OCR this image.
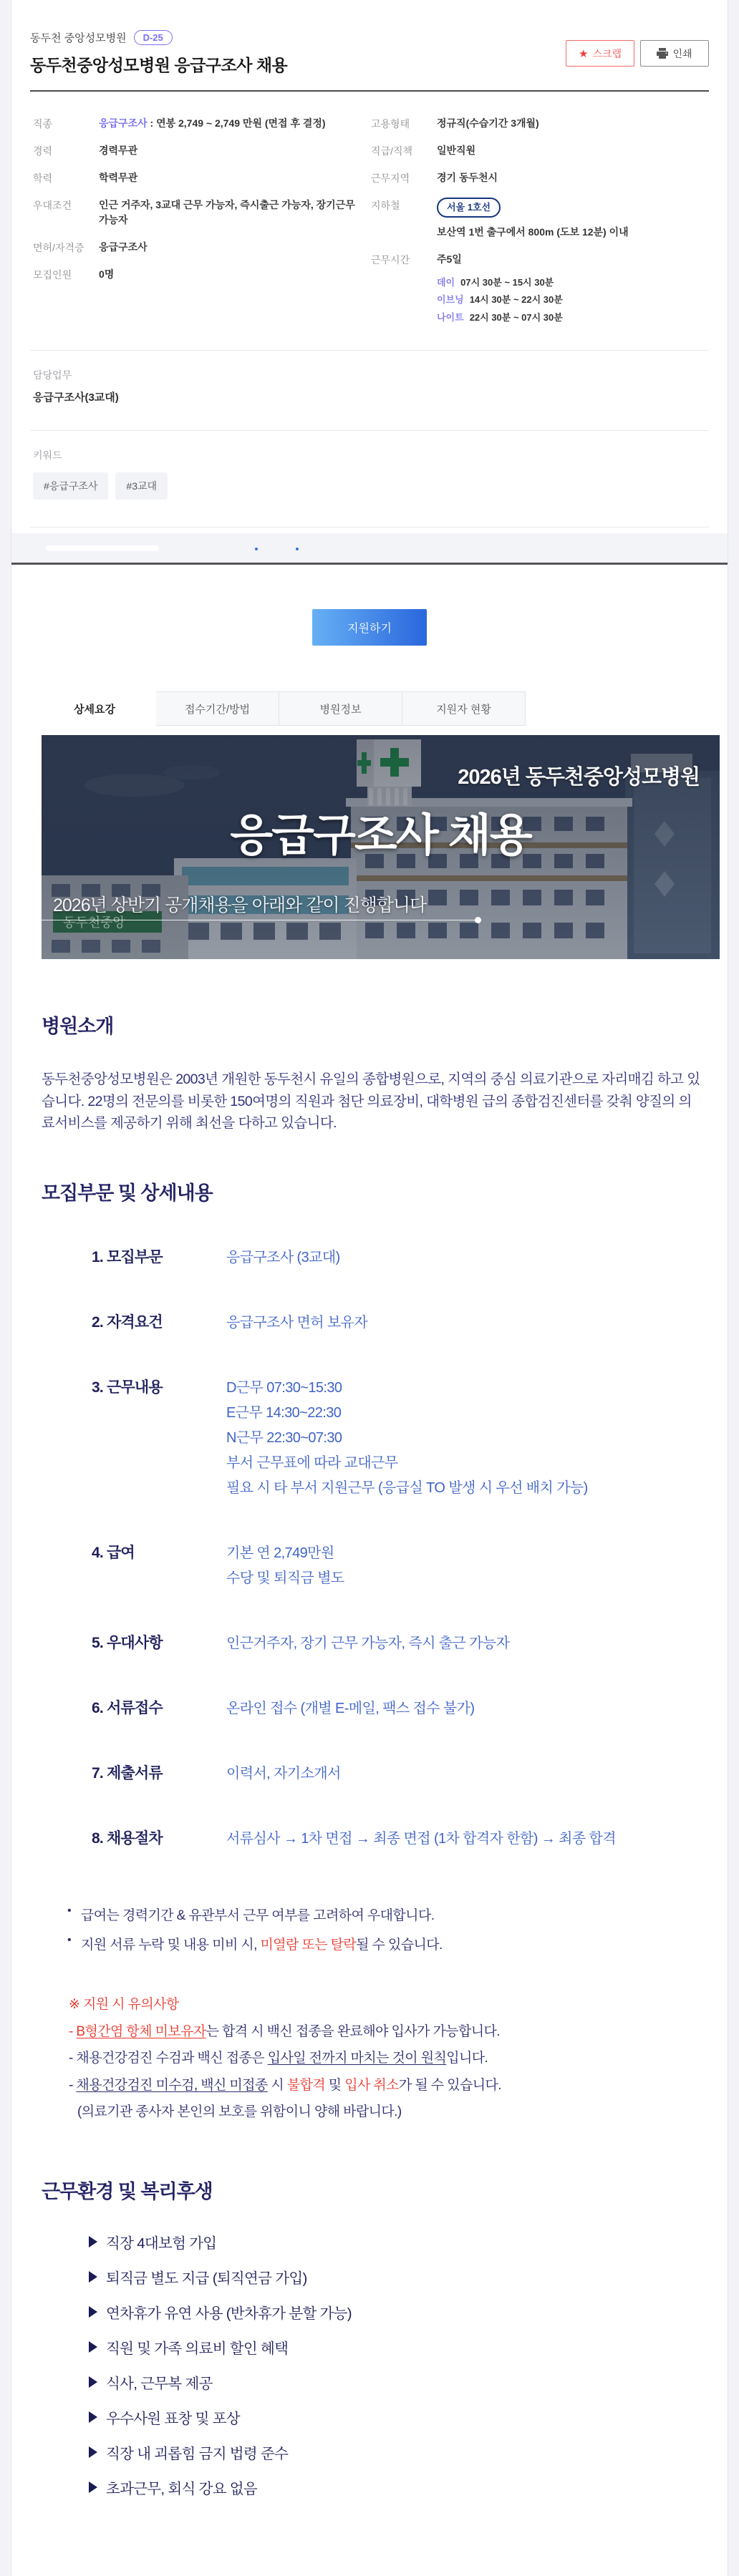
동두천 중앙성모병원	D-25
동두천중앙성모병원 응급구조사 채용
★ 스크랩	인쇄
직종	응급구조사 : 연봉 2,749 ~ 2,749 만원 (면접 후 결정)
경력	경력무관
학력	학력무관
우대조건	인근 거주자, 3교대 근무 가능자, 즉시출근 가능자, 장기근무 가능자
면허/자격증	응급구조사
모집인원	0명
고용형태	정규직(수습기간 3개월)
직급/직책	일반직원
근무지역	경기 동두천시
지하철	서울 1호선
보산역 1번 출구에서 800m (도보 12분) 이내
근무시간	주5일
데이 07시 30분 ~ 15시 30분
이브닝 14시 30분 ~ 22시 30분
나이트 22시 30분 ~ 07시 30분
담당업무
응급구조사(3교대)
키워드
#응급구조사	#3교대
지원하기
상세요강	접수기간/방법	병원정보	지원자 현황
2026년 동두천중앙성모병원
응급구조사 채용
2026년 상반기 공개채용을 아래와 같이 진행합니다
병원소개

동두천중앙성모병원은 2003년 개원한 동두천시 유일의 종합병원으로, 지역의 중심 의료기관으로 자리매김 하고 있습니다. 22명의 전문의를 비롯한 150여명의 직원과 첨단 의료장비, 대학병원 급의 종합검진센터를 갖춰 양질의 의료서비스를 제공하기 위해 최선을 다하고 있습니다.

모집부문 및 상세내용
1. 모집부문	응급구조사 (3교대)
2. 자격요건	응급구조사 면허 보유자
3. 근무내용	D근무 07:30~15:30
E근무 14:30~22:30
N근무 22:30~07:30
부서 근무표에 따라 교대근무
필요 시 타 부서 지원근무 (응급실 TO 발생 시 우선 배치 가능)
4. 급여	기본 연 2,749만원
수당 및 퇴직금 별도
5. 우대사항	인근거주자, 장기 근무 가능자, 즉시 출근 가능자
6. 서류접수	온라인 접수 (개별 E-메일, 팩스 접수 불가)
7. 제출서류	이력서, 자기소개서
8. 채용절차	서류심사 → 1차 면접 → 최종 면접 (1차 합격자 한함) → 최종 합격
• 급여는 경력기간 & 유관부서 근무 여부를 고려하여 우대합니다.
• 지원 서류 누락 및 내용 미비 시, 미열람 또는 탈락될 수 있습니다.
※ 지원 시 유의사항
- B형간염 항체 미보유자는 합격 시 백신 접종을 완료해야 입사가 가능합니다.
- 채용건강검진 수검과 백신 접종은 입사일 전까지 마치는 것이 원칙입니다.
- 채용건강검진 미수검, 백신 미접종 시 불합격 및 입사 취소가 될 수 있습니다.
(의료기관 종사자 본인의 보호를 위함이니 양해 바랍니다.)
근무환경 및 복리후생
직장 4대보험 가입
퇴직금 별도 지급 (퇴직연금 가입)
연차휴가 유연 사용 (반차휴가 분할 가능)
직원 및 가족 의료비 할인 혜택
식사, 근무복 제공
우수사원 표창 및 포상
직장 내 괴롭힘 금지 법령 준수
초과근무, 회식 강요 없음
